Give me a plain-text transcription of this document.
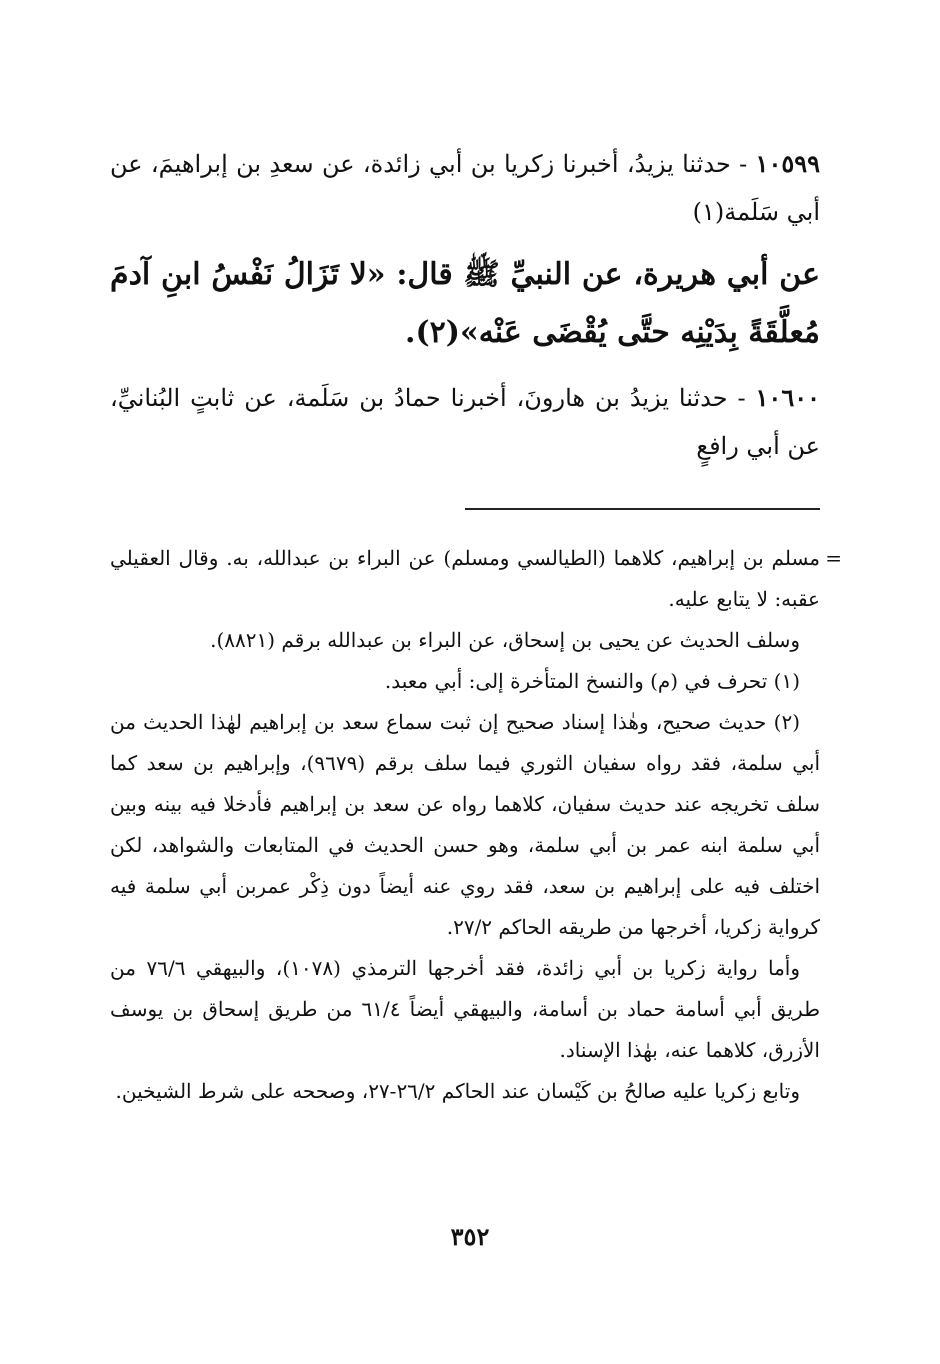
١٠٥٩٩ - حدثنا يزيدُ، أخبرنا زكريا بن أبي زائدة، عن سعدِ بن إبراهيمَ، عن أبي سَلَمة(١)

عن أبي هريرة، عن النبيِّ ﷺ قال: «لا تَزَالُ نَفْسُ ابنِ آدمَ مُعلَّقَةً بِدَيْنِه حتَّى يُقْضَى عَنْه»(٢).

١٠٦٠٠ - حدثنا يزيدُ بن هارونَ، أخبرنا حمادُ بن سَلَمة، عن ثابتٍ البُنانيِّ، عن أبي رافعٍ

=

مسلم بن إبراهيم، كلاهما (الطيالسي ومسلم) عن البراء بن عبدالله، به. وقال العقيلي عقبه: لا يتابع عليه.

وسلف الحديث عن يحيى بن إسحاق، عن البراء بن عبدالله برقم (٨٨٢١).

(١) تحرف في (م) والنسخ المتأخرة إلى: أبي معبد.

(٢) حديث صحيح، وهٰذا إسناد صحيح إن ثبت سماع سعد بن إبراهيم لهٰذا الحديث من أبي سلمة، فقد رواه سفيان الثوري فيما سلف برقم (٩٦٧٩)، وإبراهيم بن سعد كما سلف تخريجه عند حديث سفيان، كلاهما رواه عن سعد بن إبراهيم فأدخلا فيه بينه وبين أبي سلمة ابنه عمر بن أبي سلمة، وهو حسن الحديث في المتابعات والشواهد، لكن اختلف فيه على إبراهيم بن سعد، فقد روي عنه أيضاً دون ذِكْر عمربن أبي سلمة فيه كرواية زكريا، أخرجها من طريقه الحاكم ٢٧/٢.

وأما رواية زكريا بن أبي زائدة، فقد أخرجها الترمذي (١٠٧٨)، والبيهقي ٧٦/٦ من طريق أبي أسامة حماد بن أسامة، والبيهقي أيضاً ٦١/٤ من طريق إسحاق بن يوسف الأزرق، كلاهما عنه، بهٰذا الإسناد.

وتابع زكريا عليه صالحُ بن كَيْسان عند الحاكم ٢٦/٢-٢٧، وصححه على شرط الشيخين.

٣٥٢
